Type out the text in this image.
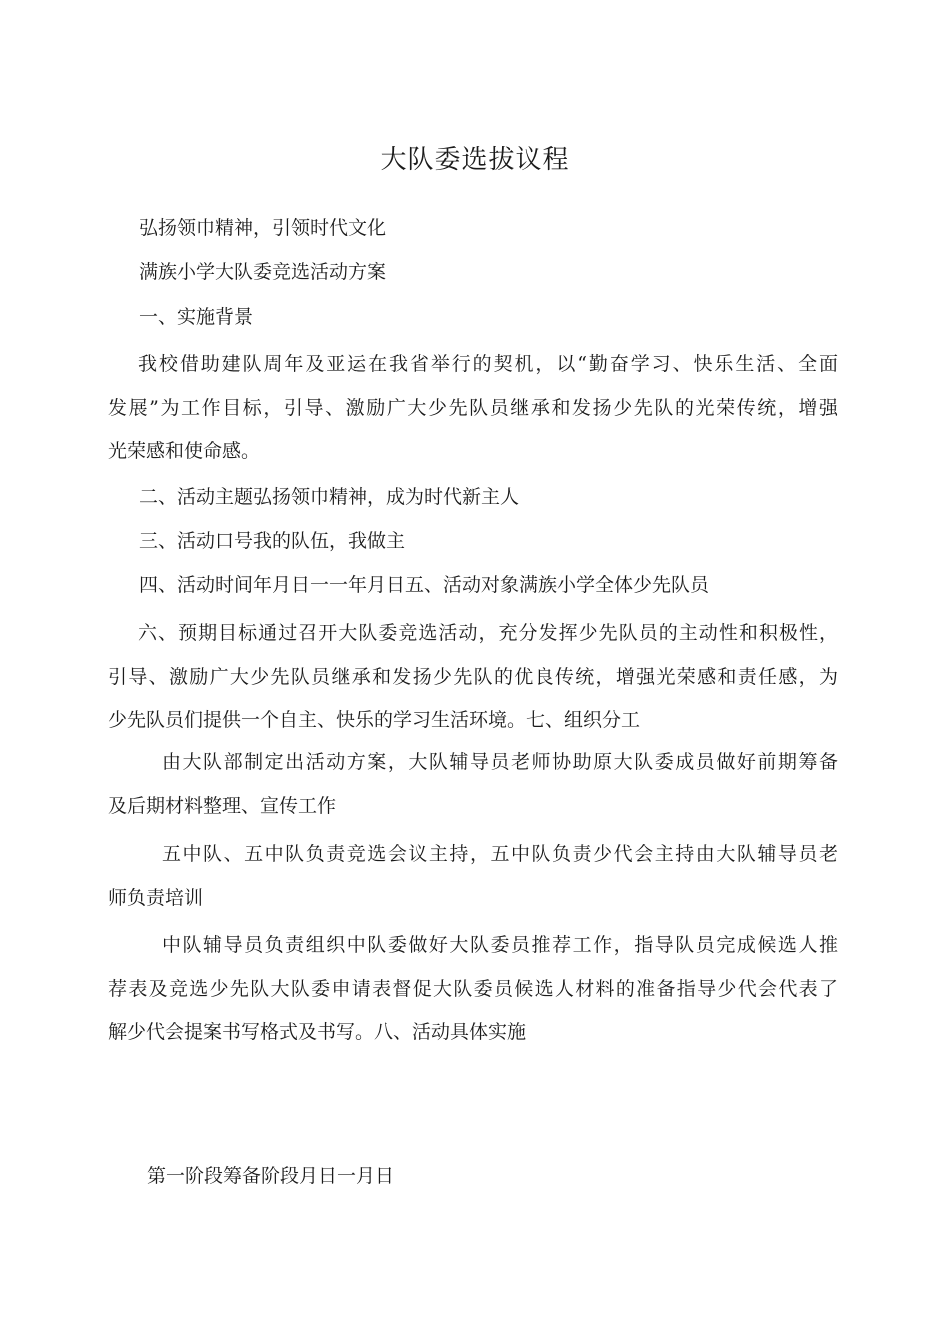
大队委选拔议程
弘扬领巾精神，引领时代文化
满族小学大队委竞选活动方案
一、实施背景
我校借助建队周年及亚运在我省举行的契机，以“勤奋学习、快乐生活、全面
发展”为工作目标，引导、激励广大少先队员继承和发扬少先队的光荣传统，增强
光荣感和使命感。
二、活动主题弘扬领巾精神，成为时代新主人
三、活动口号我的队伍，我做主
四、活动时间年月日一一年月日五、活动对象满族小学全体少先队员
六、预期目标通过召开大队委竞选活动，充分发挥少先队员的主动性和积极性，
引导、激励广大少先队员继承和发扬少先队的优良传统，增强光荣感和责任感，为
少先队员们提供一个自主、快乐的学习生活环境。七、组织分工
由大队部制定出活动方案，大队辅导员老师协助原大队委成员做好前期筹备
及后期材料整理、宣传工作
五中队、五中队负责竞选会议主持，五中队负责少代会主持由大队辅导员老
师负责培训
中队辅导员负责组织中队委做好大队委员推荐工作，指导队员完成候选人推
荐表及竞选少先队大队委申请表督促大队委员候选人材料的准备指导少代会代表了
解少代会提案书写格式及书写。八、活动具体实施
第一阶段筹备阶段月日一月日
